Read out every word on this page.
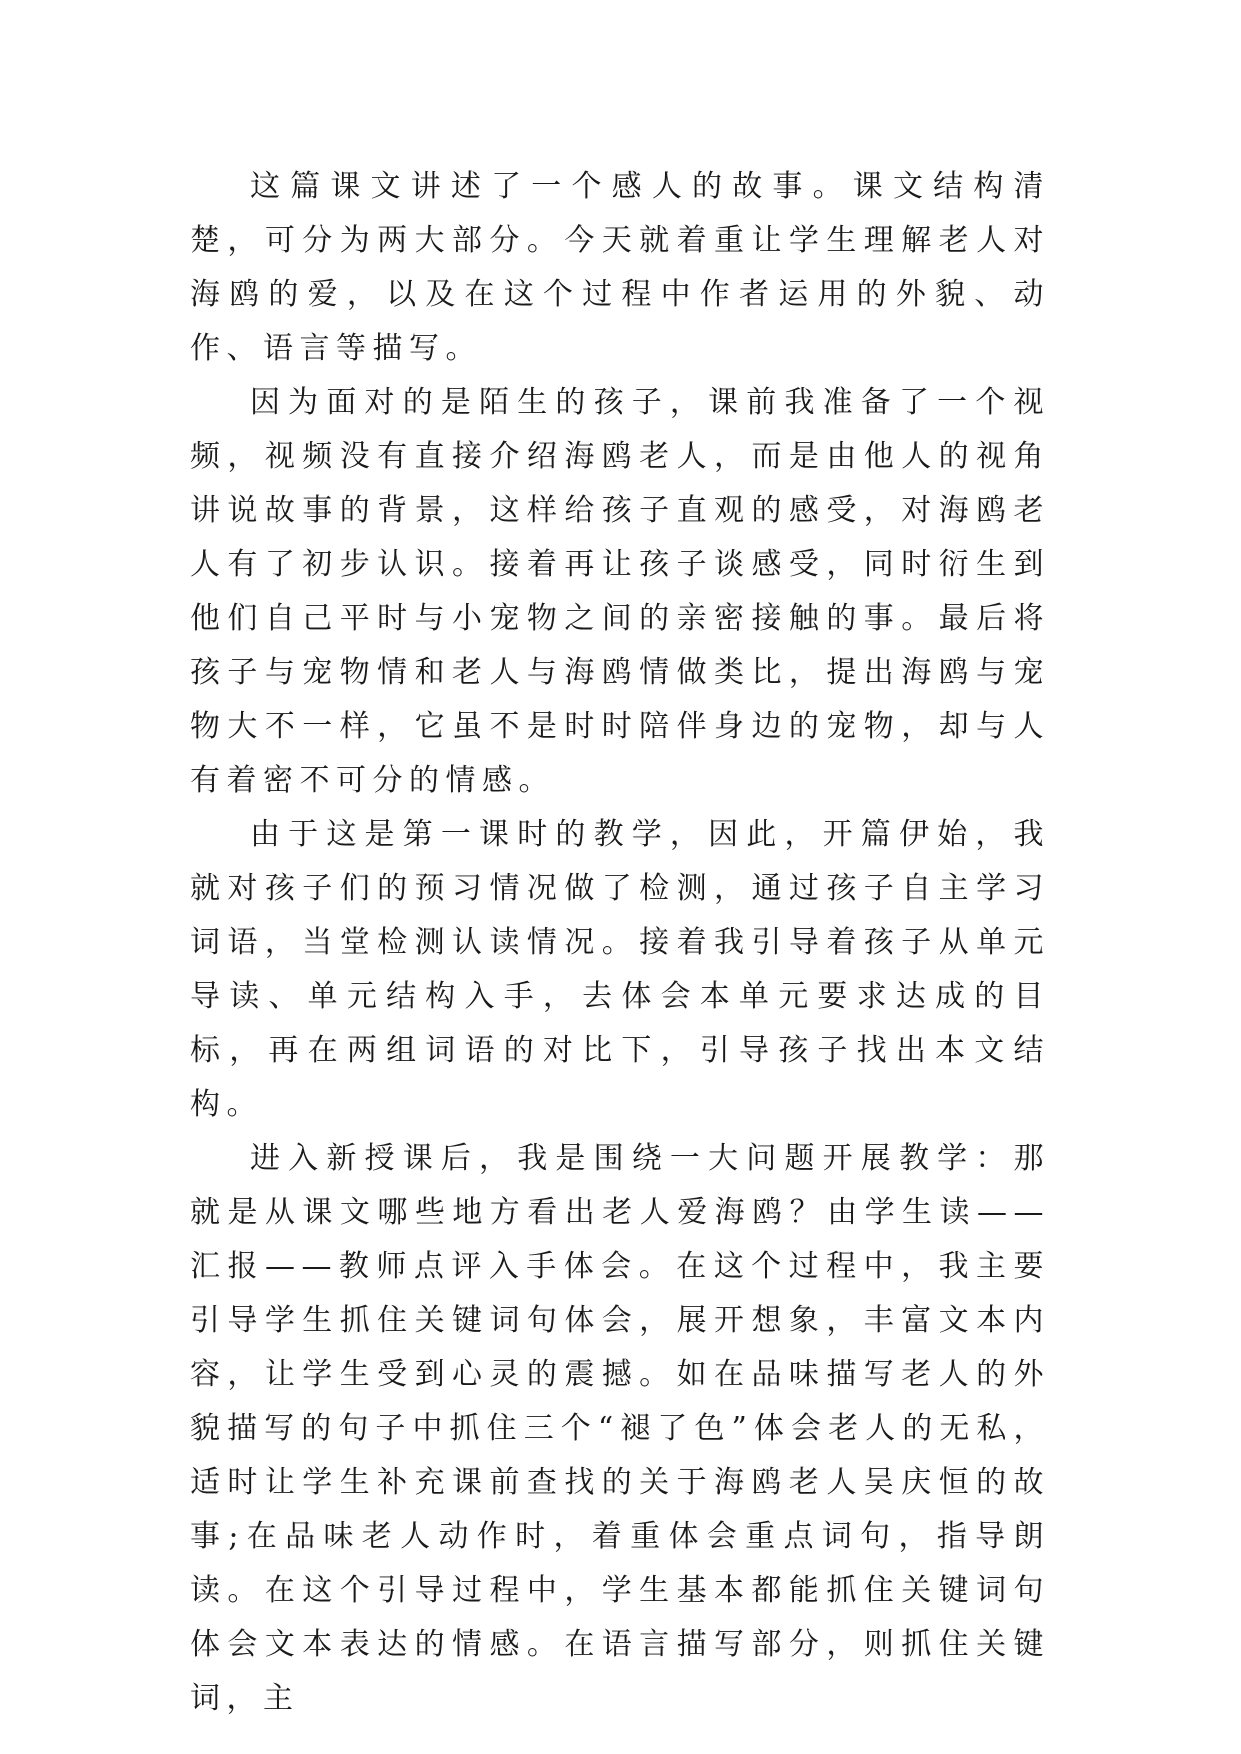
这篇课文讲述了一个感人的故事。课文结构清楚，可分为两大部分。今天就着重让学生理解老人对海鸥的爱，以及在这个过程中作者运用的外貌、动作、语言等描写。

因为面对的是陌生的孩子，课前我准备了一个视频，视频没有直接介绍海鸥老人，而是由他人的视角讲说故事的背景，这样给孩子直观的感受，对海鸥老人有了初步认识。接着再让孩子谈感受，同时衍生到他们自己平时与小宠物之间的亲密接触的事。最后将孩子与宠物情和老人与海鸥情做类比，提出海鸥与宠物大不一样，它虽不是时时陪伴身边的宠物，却与人有着密不可分的情感。

由于这是第一课时的教学，因此，开篇伊始，我就对孩子们的预习情况做了检测，通过孩子自主学习词语，当堂检测认读情况。接着我引导着孩子从单元导读、单元结构入手，去体会本单元要求达成的目标，再在两组词语的对比下，引导孩子找出本文结构。

进入新授课后，我是围绕一大问题开展教学：那就是从课文哪些地方看出老人爱海鸥？由学生读——汇报——教师点评入手体会。在这个过程中，我主要引导学生抓住关键词句体会，展开想象，丰富文本内容，让学生受到心灵的震撼。如在品味描写老人的外貌描写的句子中抓住三个“褪了色”体会老人的无私，适时让学生补充课前查找的关于海鸥老人吴庆恒的故事;在品味老人动作时，着重体会重点词句，指导朗读。在这个引导过程中，学生基本都能抓住关键词句体会文本表达的情感。在语言描写部分，则抓住关键词，主
